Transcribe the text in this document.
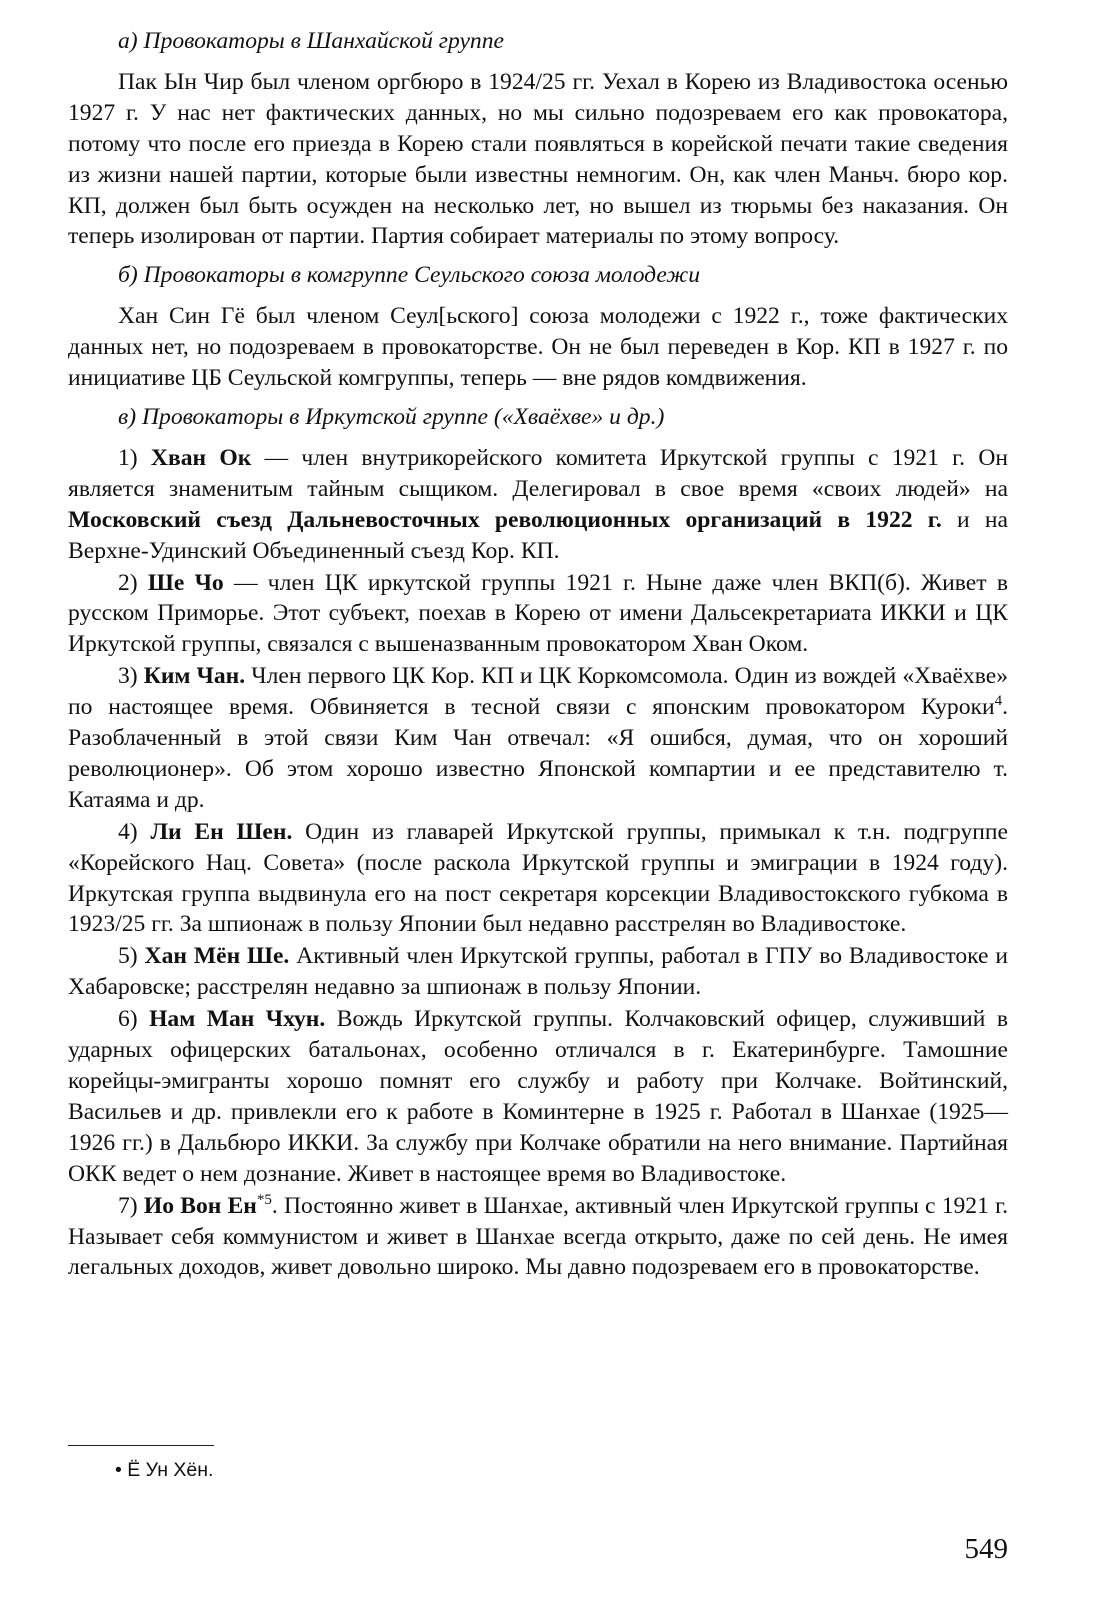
а) Провокаторы в Шанхайской группе

Пак Ын Чир был членом оргбюро в 1924/25 гг. Уехал в Корею из Владивостока осенью 1927 г. У нас нет фактических данных, но мы сильно подозреваем его как провокатора, потому что после его приезда в Корею стали появляться в корейской печати такие сведения из жизни нашей партии, которые были известны немногим. Он, как член Маньч. бюро кор. КП, должен был быть осужден на несколько лет, но вышел из тюрьмы без наказания. Он теперь изолирован от партии. Партия собирает материалы по этому вопросу.

б) Провокаторы в комгруппе Сеульского союза молодежи

Хан Син Гё был членом Сеул[ьского] союза молодежи с 1922 г., тоже фактических данных нет, но подозреваем в провокаторстве. Он не был переведен в Кор. КП в 1927 г. по инициативе ЦБ Сеульской комгруппы, теперь — вне рядов комдвижения.

в) Провокаторы в Иркутской группе («Хваёхве» и др.)

1) Хван Ок — член внутрикорейского комитета Иркутской группы с 1921 г. Он является знаменитым тайным сыщиком. Делегировал в свое время «своих людей» на Московский съезд Дальневосточных революционных организаций в 1922 г. и на Верхне-Удинский Объединенный съезд Кор. КП.

2) Ше Чо — член ЦК иркутской группы 1921 г. Ныне даже член ВКП(б). Живет в русском Приморье. Этот субъект, поехав в Корею от имени Дальсекретариата ИККИ и ЦК Иркутской группы, связался с вышеназванным провокатором Хван Оком.

3) Ким Чан. Член первого ЦК Кор. КП и ЦК Коркомсомола. Один из вождей «Хваёхве» по настоящее время. Обвиняется в тесной связи с японским провокатором Куроки$^4$. Разоблаченный в этой связи Ким Чан отвечал: «Я ошибся, думая, что он хороший революционер». Об этом хорошо известно Японской компартии и ее представителю т. Катаяма и др.

4) Ли Ен Шен. Один из главарей Иркутской группы, примыкал к т.н. подгруппе «Корейского Нац. Совета» (после раскола Иркутской группы и эмиграции в 1924 году). Иркутская группа выдвинула его на пост секретаря корсекции Владивостокского губкома в 1923/25 гг. За шпионаж в пользу Японии был недавно расстрелян во Владивостоке.

5) Хан Мён Ше. Активный член Иркутской группы, работал в ГПУ во Владивостоке и Хабаровске; расстрелян недавно за шпионаж в пользу Японии.

6) Нам Ман Чхун. Вождь Иркутской группы. Колчаковский офицер, служивший в ударных офицерских батальонах, особенно отличался в г. Екатеринбурге. Тамошние корейцы-эмигранты хорошо помнят его службу и работу при Колчаке. Войтинский, Васильев и др. привлекли его к работе в Коминтерне в 1925 г. Работал в Шанхае (1925—1926 гг.) в Дальбюро ИККИ. За службу при Колчаке обратили на него внимание. Партийная ОКК ведет о нем дознание. Живет в настоящее время во Владивостоке.

7) Ио Вон $Ен^{*5}$. Постоянно живет в Шанхае, активный член Иркутской группы с 1921 г. Называет себя коммунистом и живет в Шанхае всегда открыто, даже по сей день. Не имея легальных доходов, живет довольно широко. Мы давно подозреваем его в провокаторстве.

• Ё Ун Хён.
549
